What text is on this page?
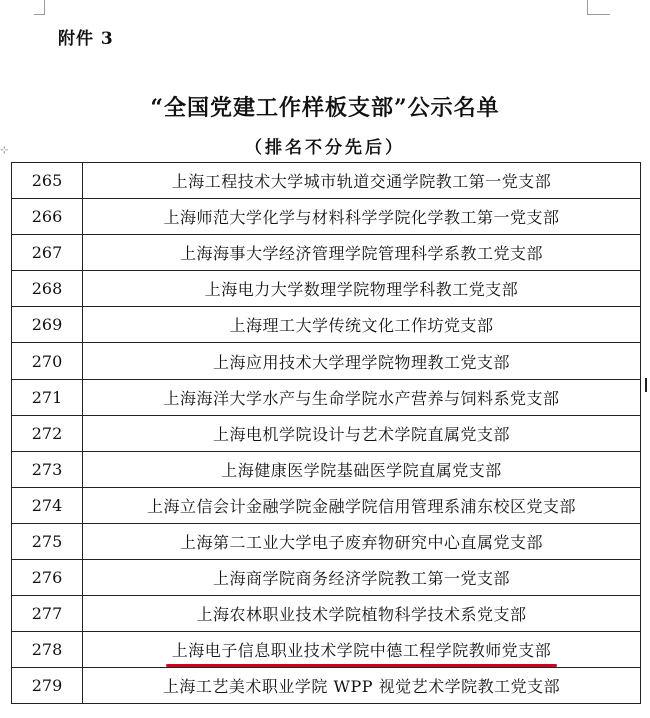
⊹
附件 3
“全国党建工作样板支部”公示名单
（排名不分先后）
265	上海工程技术大学城市轨道交通学院教工第一党支部
266	上海师范大学化学与材料科学学院化学教工第一党支部
267	上海海事大学经济管理学院管理科学系教工党支部
268	上海电力大学数理学院物理学科教工党支部
269	上海理工大学传统文化工作坊党支部
270	上海应用技术大学理学院物理教工党支部
271	上海海洋大学水产与生命学院水产营养与饲料系党支部
272	上海电机学院设计与艺术学院直属党支部
273	上海健康医学院基础医学院直属党支部
274	上海立信会计金融学院金融学院信用管理系浦东校区党支部
275	上海第二工业大学电子废弃物研究中心直属党支部
276	上海商学院商务经济学院教工第一党支部
277	上海农林职业技术学院植物科学技术系党支部
278	上海电子信息职业技术学院中德工程学院教师党支部

279	上海工艺美术职业学院 WPP 视觉艺术学院教工党支部
